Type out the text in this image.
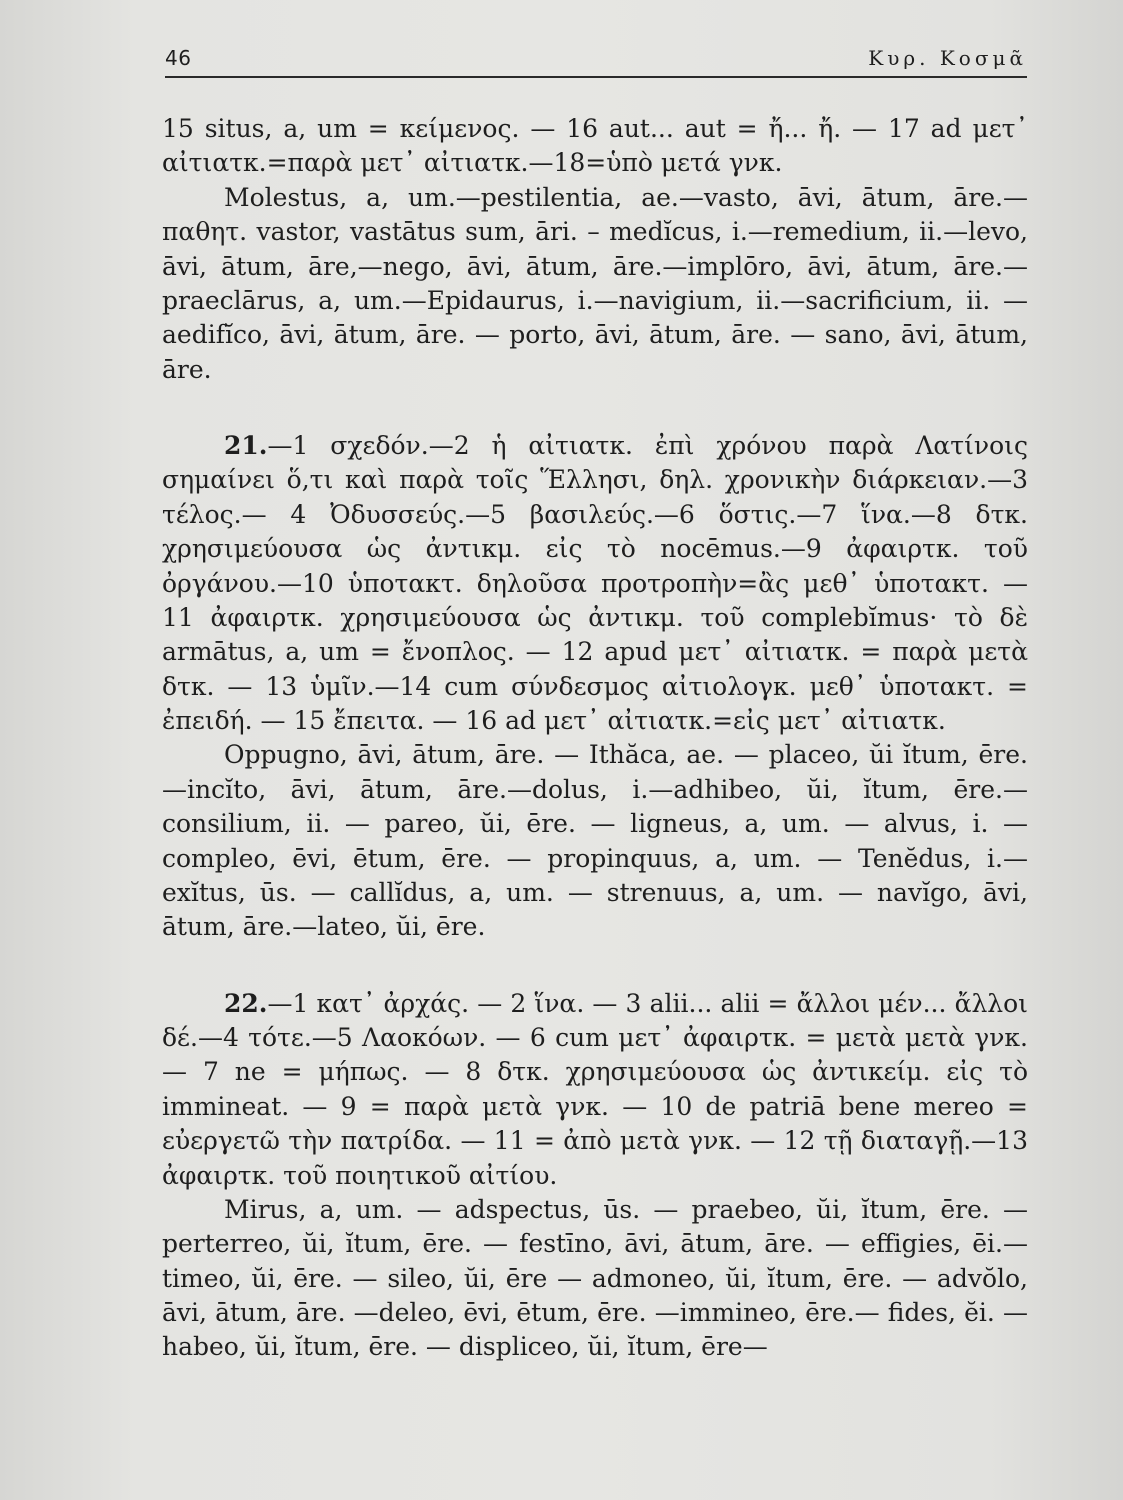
46	Κυρ. Κοσμᾶ

15 situs, a, um = κείμενος. — 16 aut... aut = ἤ... ἤ. — 17 ad μετ᾽ αἰτιατκ.=παρὰ μετ᾽ αἰτιατκ.—18=ὑπὸ μετά γνκ.

Molestus, a, um.—pestilentia, ae.—vasto, āvi, ātum, āre.—παθητ. vastor, vastātus sum, āri. – medĭcus, i.—remedium, ii.—levo, āvi, ātum, āre,—nego, āvi, ātum, āre.—implōro, āvi, ātum, āre.—praeclārus, a, um.—Epidaurus, i.—navigium, ii.—sacrificium, ii. — aedifĭco, āvi, ātum, āre. — porto, āvi, ātum, āre. — sano, āvi, ātum, āre.

21.—1 σχεδόν.—2 ἡ αἰτιατκ. ἐπὶ χρόνου παρὰ Λατίνοις σημαίνει ὅ,τι καὶ παρὰ τοῖς Ἕλλησι, δηλ. χρονικὴν διάρκειαν.—3 τέλος.— 4 Ὀδυσσεύς.—5 βασιλεύς.—6 ὅστις.—7 ἵνα.—8 δτκ. χρησιμεύουσα ὡς ἀντικμ. εἰς τὸ nocēmus.—9 ἀφαιρτκ. τοῦ ὀργάνου.—10 ὑποτακτ. δηλοῦσα προτροπὴν=ἂς μεθ᾽ ὑποτακτ. — 11 ἀφαιρτκ. χρησιμεύουσα ὡς ἀντικμ. τοῦ complebĭmus· τὸ δὲ armātus, a, um = ἔνοπλος. — 12 apud μετ᾽ αἰτιατκ. = παρὰ μετὰ δτκ. — 13 ὑμῖν.—14 cum σύνδεσμος αἰτιολογκ. μεθ᾽ ὑποτακτ. = ἐπειδή. — 15 ἔπειτα. — 16 ad μετ᾽ αἰτιατκ.=εἰς μετ᾽ αἰτιατκ.

Oppugno, āvi, ātum, āre. — Ithăca, ae. — placeo, ŭi ĭtum, ēre.—incĭto, āvi, ātum, āre.—dolus, i.—adhibeo, ŭi, ĭtum, ēre.—consilium, ii. — pareo, ŭi, ēre. — ligneus, a, um. — alvus, i. — compleo, ēvi, ētum, ēre. — propinquus, a, um. — Tenĕdus, i.— exĭtus, ūs. — callĭdus, a, um. — strenuus, a, um. — navĭgo, āvi, ātum, āre.—lateo, ŭi, ēre.

22.—1 κατ᾽ ἀρχάς. — 2 ἵνα. — 3 alii... alii = ἄλλοι μέν... ἄλλοι δέ.—4 τότε.—5 Λαοκόων. — 6 cum μετ᾽ ἀφαιρτκ. = μετὰ μετὰ γνκ. — 7 ne = μήπως. — 8 δτκ. χρησιμεύουσα ὡς ἀντικείμ. εἰς τὸ immineat. — 9 = παρὰ μετὰ γνκ. — 10 de patriā bene mereo = εὐεργετῶ τὴν πατρίδα. — 11 = ἀπὸ μετὰ γνκ. — 12 τῇ διαταγῇ.—13 ἀφαιρτκ. τοῦ ποιητικοῦ αἰτίου.

Mirus, a, um. — adspectus, ūs. — praebeo, ŭi, ĭtum, ēre. — perterreo, ŭi, ĭtum, ēre. — festīno, āvi, ātum, āre. — effigies, ēi.—timeo, ŭi, ēre. — sileo, ŭi, ēre — admoneo, ŭi, ĭtum, ēre. — advŏlo, āvi, ātum, āre. —deleo, ēvi, ētum, ēre. —immineo, ēre.— fides, ĕi. — habeo, ŭi, ĭtum, ēre. — displiceo, ŭi, ĭtum, ēre—
